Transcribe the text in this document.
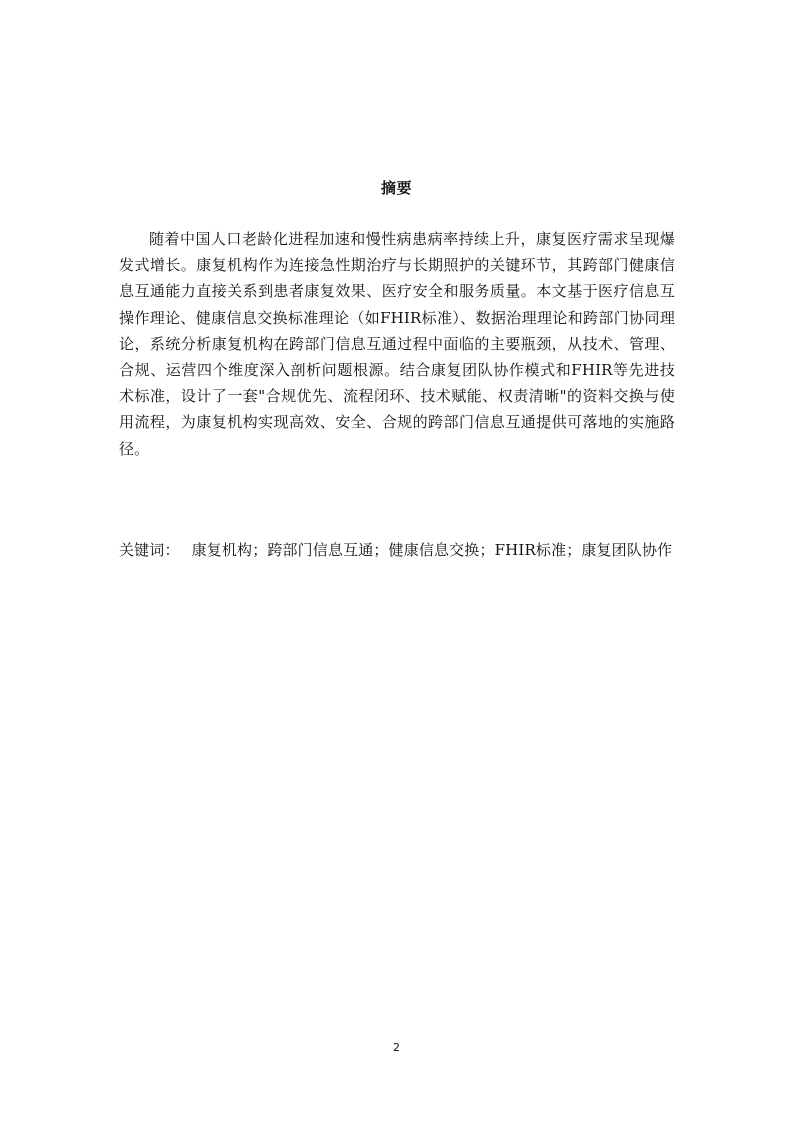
摘要

随着中国人口老龄化进程加速和慢性病患病率持续上升，康复医疗需求呈现爆发式增长。康复机构作为连接急性期治疗与长期照护的关键环节，其跨部门健康信息互通能力直接关系到患者康复效果、医疗安全和服务质量。本文基于医疗信息互操作理论、健康信息交换标准理论（如FHIR标准）、数据治理理论和跨部门协同理论，系统分析康复机构在跨部门信息互通过程中面临的主要瓶颈，从技术、管理、合规、运营四个维度深入剖析问题根源。结合康复团队协作模式和FHIR等先进技术标准，设计了一套"合规优先、流程闭环、技术赋能、权责清晰"的资料交换与使用流程，为康复机构实现高效、安全、合规的跨部门信息互通提供可落地的实施路径。

关键词： 康复机构；跨部门信息互通；健康信息交换；FHIR标准；康复团队协作

2
